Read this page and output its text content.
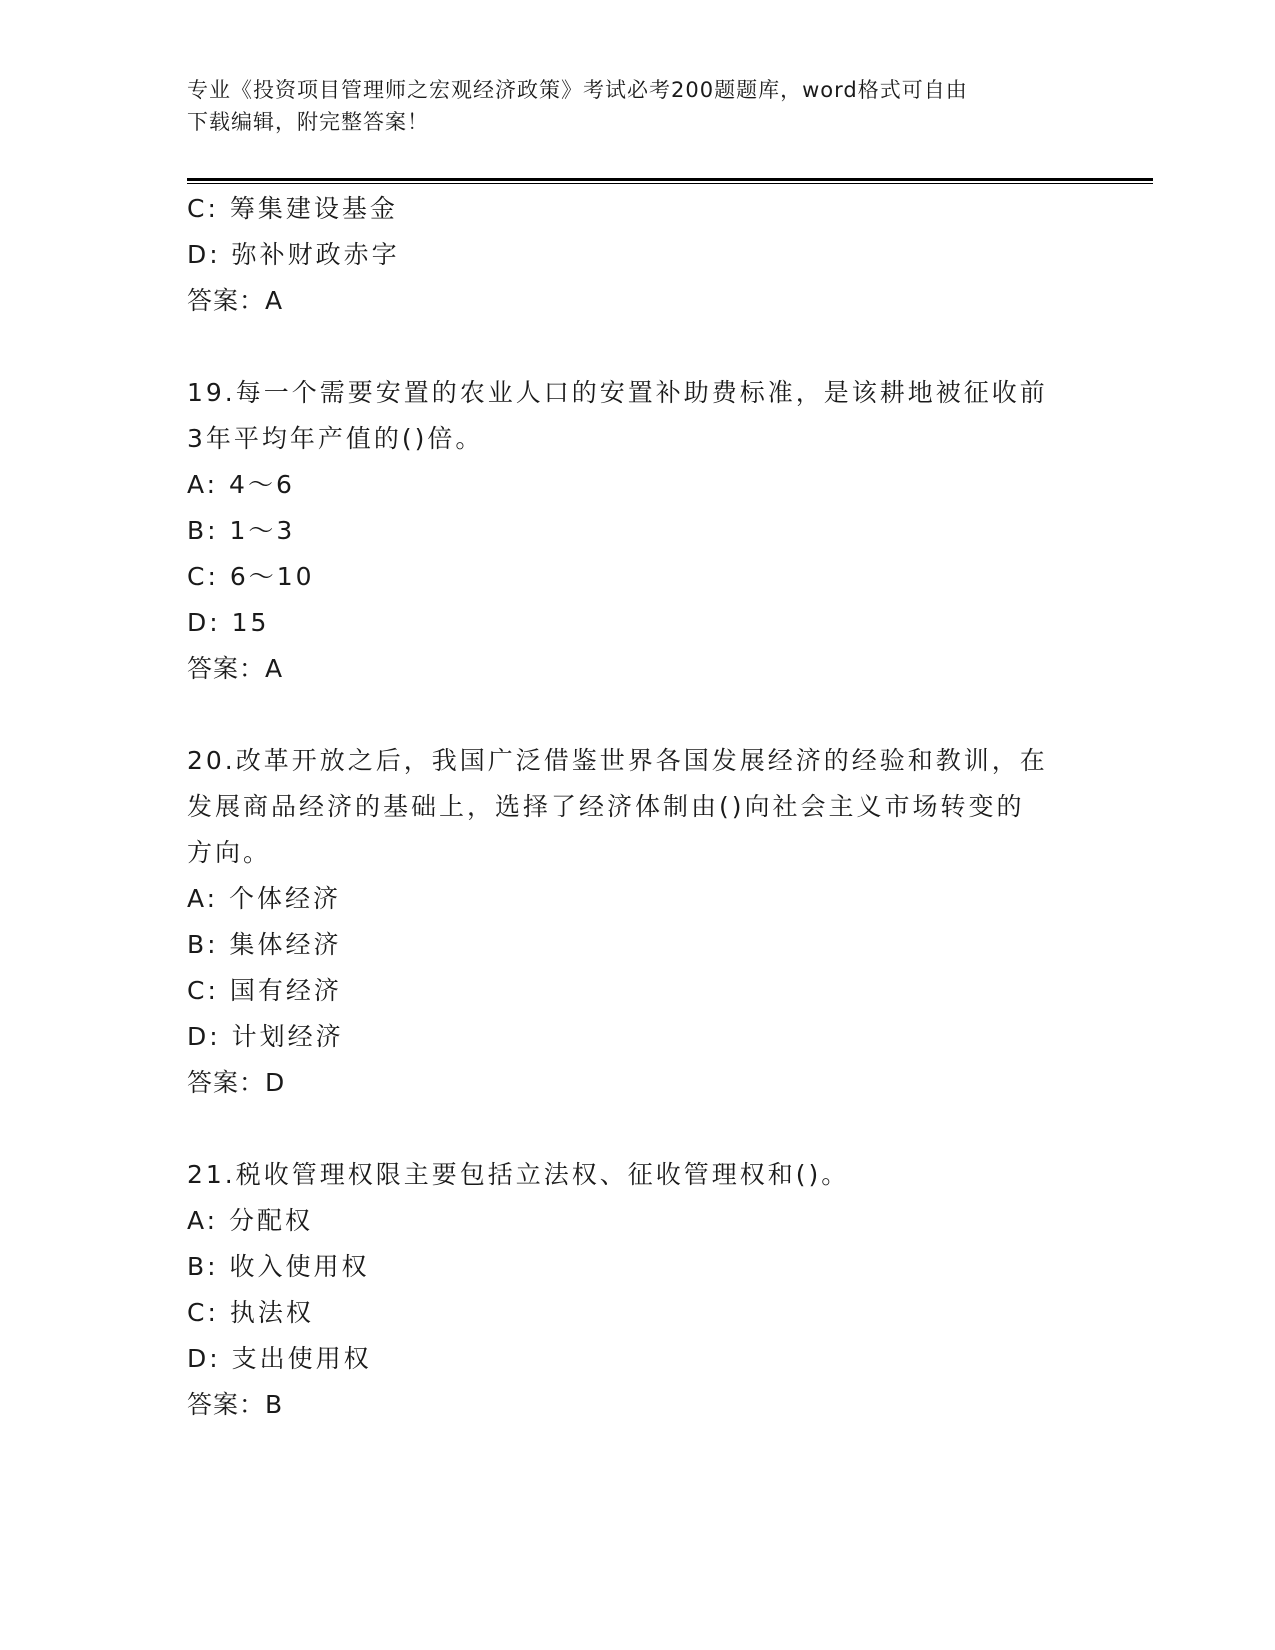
专业《投资项目管理师之宏观经济政策》考试必考200题题库，word格式可自由
下载编辑，附完整答案！
C: 筹集建设基金
D: 弥补财政赤字
答案：A
19.每一个需要安置的农业人口的安置补助费标准，是该耕地被征收前
3年平均年产值的()倍。
A: 4～6
B: 1～3
C: 6～10
D: 15
答案：A
20.改革开放之后，我国广泛借鉴世界各国发展经济的经验和教训，在
发展商品经济的基础上，选择了经济体制由()向社会主义市场转变的
方向。
A: 个体经济
B: 集体经济
C: 国有经济
D: 计划经济
答案：D
21.税收管理权限主要包括立法权、征收管理权和()。
A: 分配权
B: 收入使用权
C: 执法权
D: 支出使用权
答案：B
